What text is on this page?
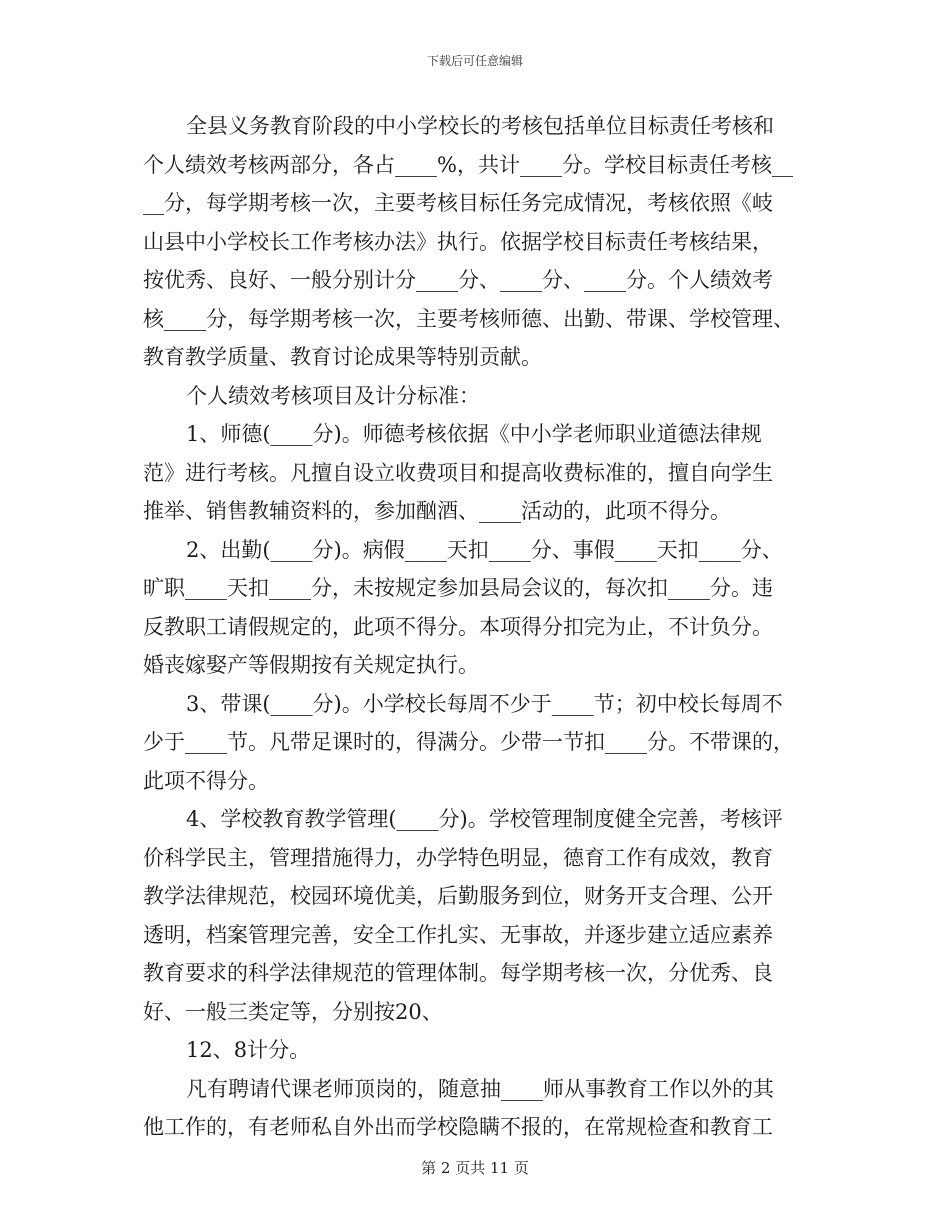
下载后可任意编辑
全县义务教育阶段的中小学校长的考核包括单位目标责任考核和
个人绩效考核两部分，各占____%，共计____分。学校目标责任考核__
__分，每学期考核一次，主要考核目标任务完成情况，考核依照《岐
山县中小学校长工作考核办法》执行。依据学校目标责任考核结果，
按优秀、良好、一般分别计分____分、____分、____分。个人绩效考
核____分，每学期考核一次，主要考核师德、出勤、带课、学校管理、
教育教学质量、教育讨论成果等特别贡献。
个人绩效考核项目及计分标准：
1、师德(____分)。师德考核依据《中小学老师职业道德法律规
范》进行考核。凡擅自设立收费项目和提高收费标准的，擅自向学生
推举、销售教辅资料的，参加酗酒、____活动的，此项不得分。
2、出勤(____分)。病假____天扣____分、事假____天扣____分、
旷职____天扣____分，未按规定参加县局会议的，每次扣____分。违
反教职工请假规定的，此项不得分。本项得分扣完为止，不计负分。
婚丧嫁娶产等假期按有关规定执行。
3、带课(____分)。小学校长每周不少于____节；初中校长每周不
少于____节。凡带足课时的，得满分。少带一节扣____分。不带课的，
此项不得分。
4、学校教育教学管理(____分)。学校管理制度健全完善，考核评
价科学民主，管理措施得力，办学特色明显，德育工作有成效，教育
教学法律规范，校园环境优美，后勤服务到位，财务开支合理、公开
透明，档案管理完善，安全工作扎实、无事故，并逐步建立适应素养
教育要求的科学法律规范的管理体制。每学期考核一次，分优秀、良
好、一般三类定等，分别按20、
12、8计分。
凡有聘请代课老师顶岗的，随意抽____师从事教育工作以外的其
他工作的，有老师私自外出而学校隐瞒不报的，在常规检查和教育工
第 2 页共 11 页
